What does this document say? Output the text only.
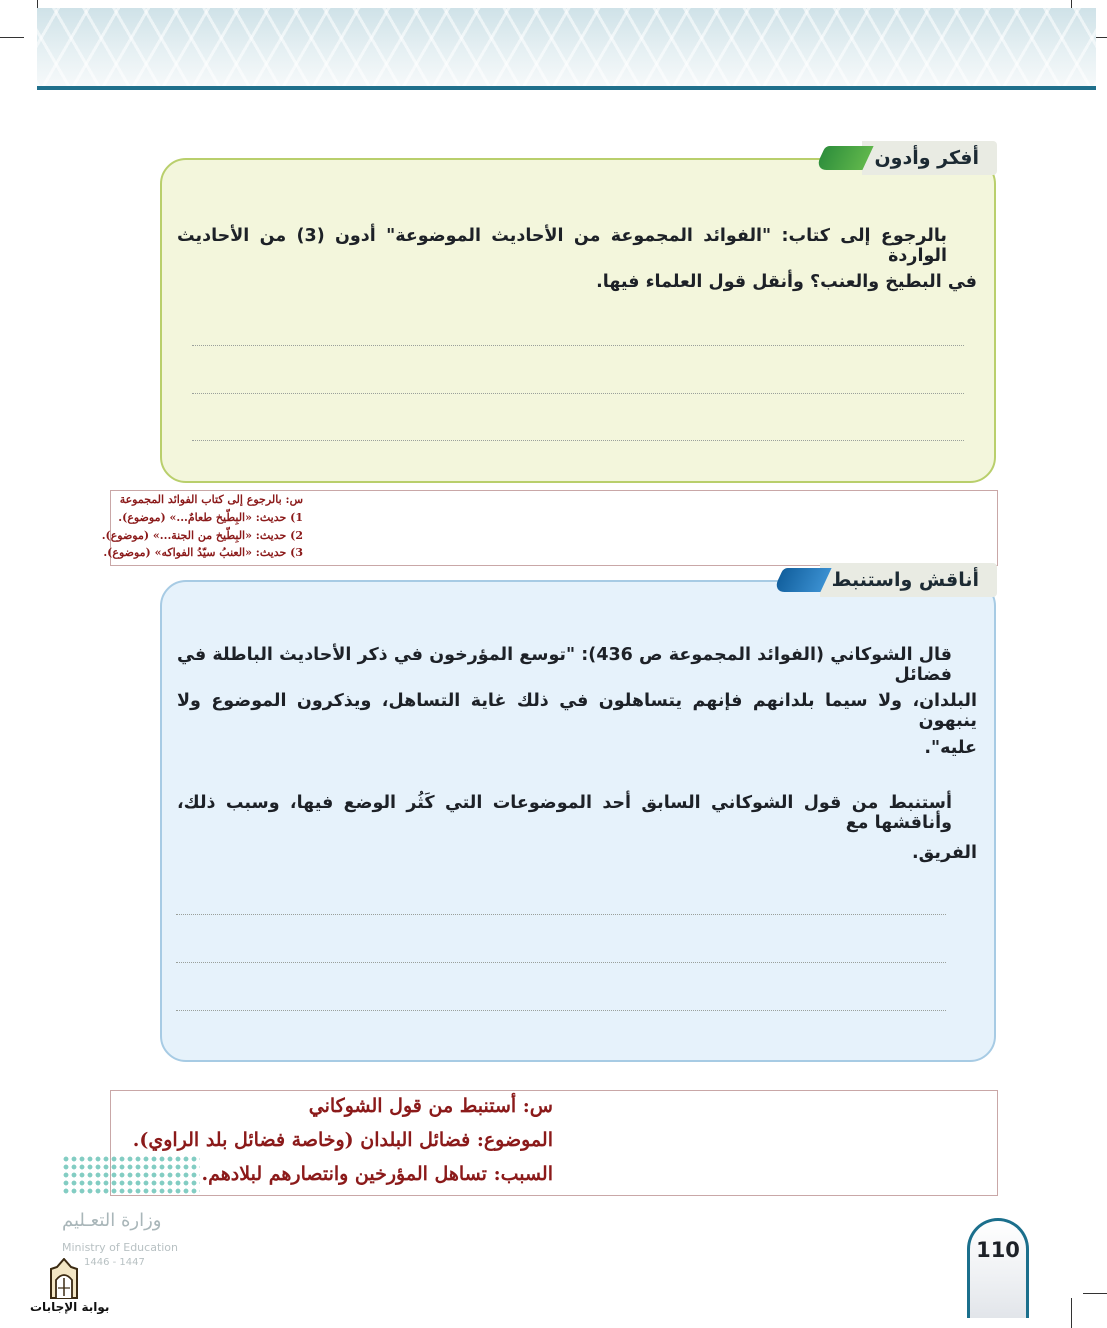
أفكر وأدون
بالرجوع إلى كتاب: "الفوائد المجموعة من الأحاديث الموضوعة" أدون (3) من الأحاديث الواردة
في البطيخ والعنب؟ وأنقل قول العلماء فيها.
س: بالرجوع إلى كتاب الفوائد المجموعة
1) حديث: «البِطّيخ طعامٌ...» (موضوع).
2) حديث: «البِطّيخ من الجنة...» (موضوع).
3) حديث: «العنبُ سيّدُ الفواكه» (موضوع).
أناقش واستنبط
قال الشوكاني (الفوائد المجموعة ص 436): "توسع المؤرخون في ذكر الأحاديث الباطلة في فضائل
البلدان، ولا سيما بلدانهم فإنهم يتساهلون في ذلك غاية التساهل، ويذكرون الموضوع ولا ينبهون
عليه".
أستنبط من قول الشوكاني السابق أحد الموضوعات التي كَثُر الوضع فيها، وسبب ذلك، وأناقشها مع
الفريق.
س: أستنبط من قول الشوكاني
الموضوع: فضائل البلدان (وخاصة فضائل بلد الراوي).
السبب: تساهل المؤرخين وانتصارهم لبلادهم.
وزارة التعـليم
Ministry of Education
1446 - 1447
بوابة الإجابات
110
